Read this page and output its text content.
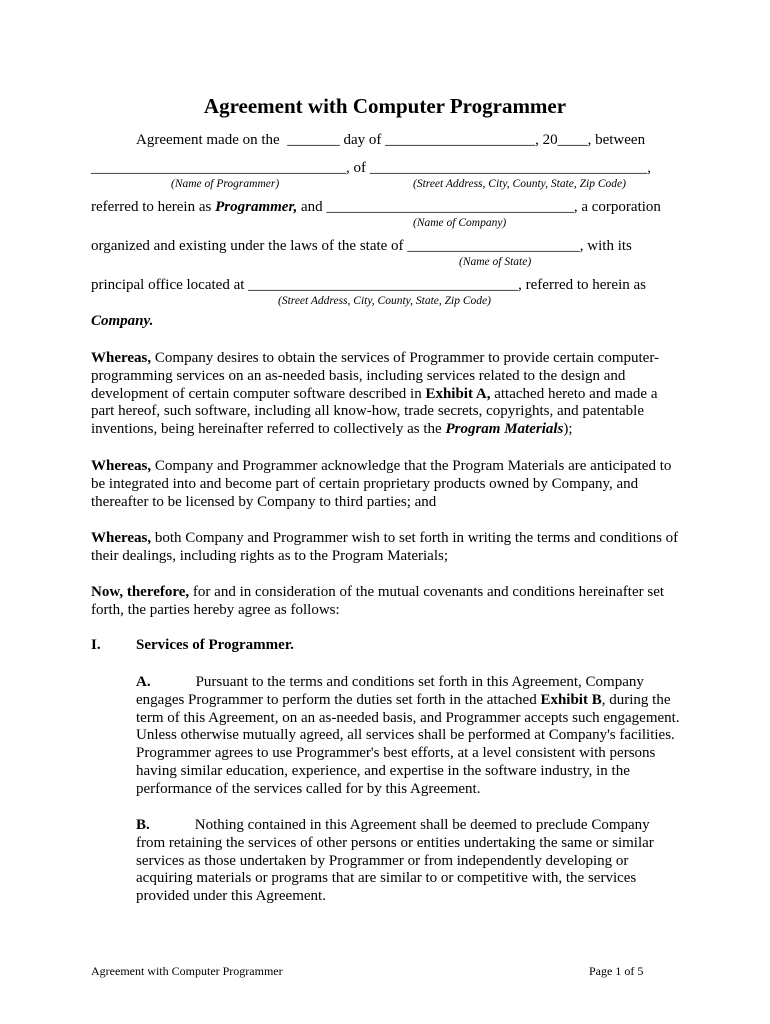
Agreement with Computer Programmer
Agreement made on the  _______ day of ____________________, 20____, between
__________________________________, of _____________________________________,
(Name of Programmer)	(Street Address, City, County, State, Zip Code)
referred to herein as Programmer, and _________________________________, a corporation
(Name of Company)
organized and existing under the laws of the state of _______________________, with its
(Name of State)
principal office located at ____________________________________, referred to herein as
(Street Address, City, County, State, Zip Code)
Company.
Whereas, Company desires to obtain the services of Programmer to provide certain computer-programming services on an as-needed basis, including services related to the design and development of certain computer software described in Exhibit A, attached hereto and made a part hereof, such software, including all know-how, trade secrets, copyrights, and patentable inventions, being hereinafter referred to collectively as the Program Materials);
Whereas, Company and Programmer acknowledge that the Program Materials are anticipated to be integrated into and become part of certain proprietary products owned by Company, and thereafter to be licensed by Company to third parties; and
Whereas, both Company and Programmer wish to set forth in writing the terms and conditions of their dealings, including rights as to the Program Materials;
Now, therefore, for and in consideration of the mutual covenants and conditions hereinafter set forth, the parties hereby agree as follows:
I. Services of Programmer.
A.	Pursuant to the terms and conditions set forth in this Agreement, Company engages Programmer to perform the duties set forth in the attached Exhibit B, during the term of this Agreement, on an as-needed basis, and Programmer accepts such engagement. Unless otherwise mutually agreed, all services shall be performed at Company's facilities. Programmer agrees to use Programmer's best efforts, at a level consistent with persons having similar education, experience, and expertise in the software industry, in the performance of the services called for by this Agreement.
B.	Nothing contained in this Agreement shall be deemed to preclude Company from retaining the services of other persons or entities undertaking the same or similar services as those undertaken by Programmer or from independently developing or acquiring materials or programs that are similar to or competitive with, the services provided under this Agreement.
Agreement with Computer Programmer	Page 1 of 5
